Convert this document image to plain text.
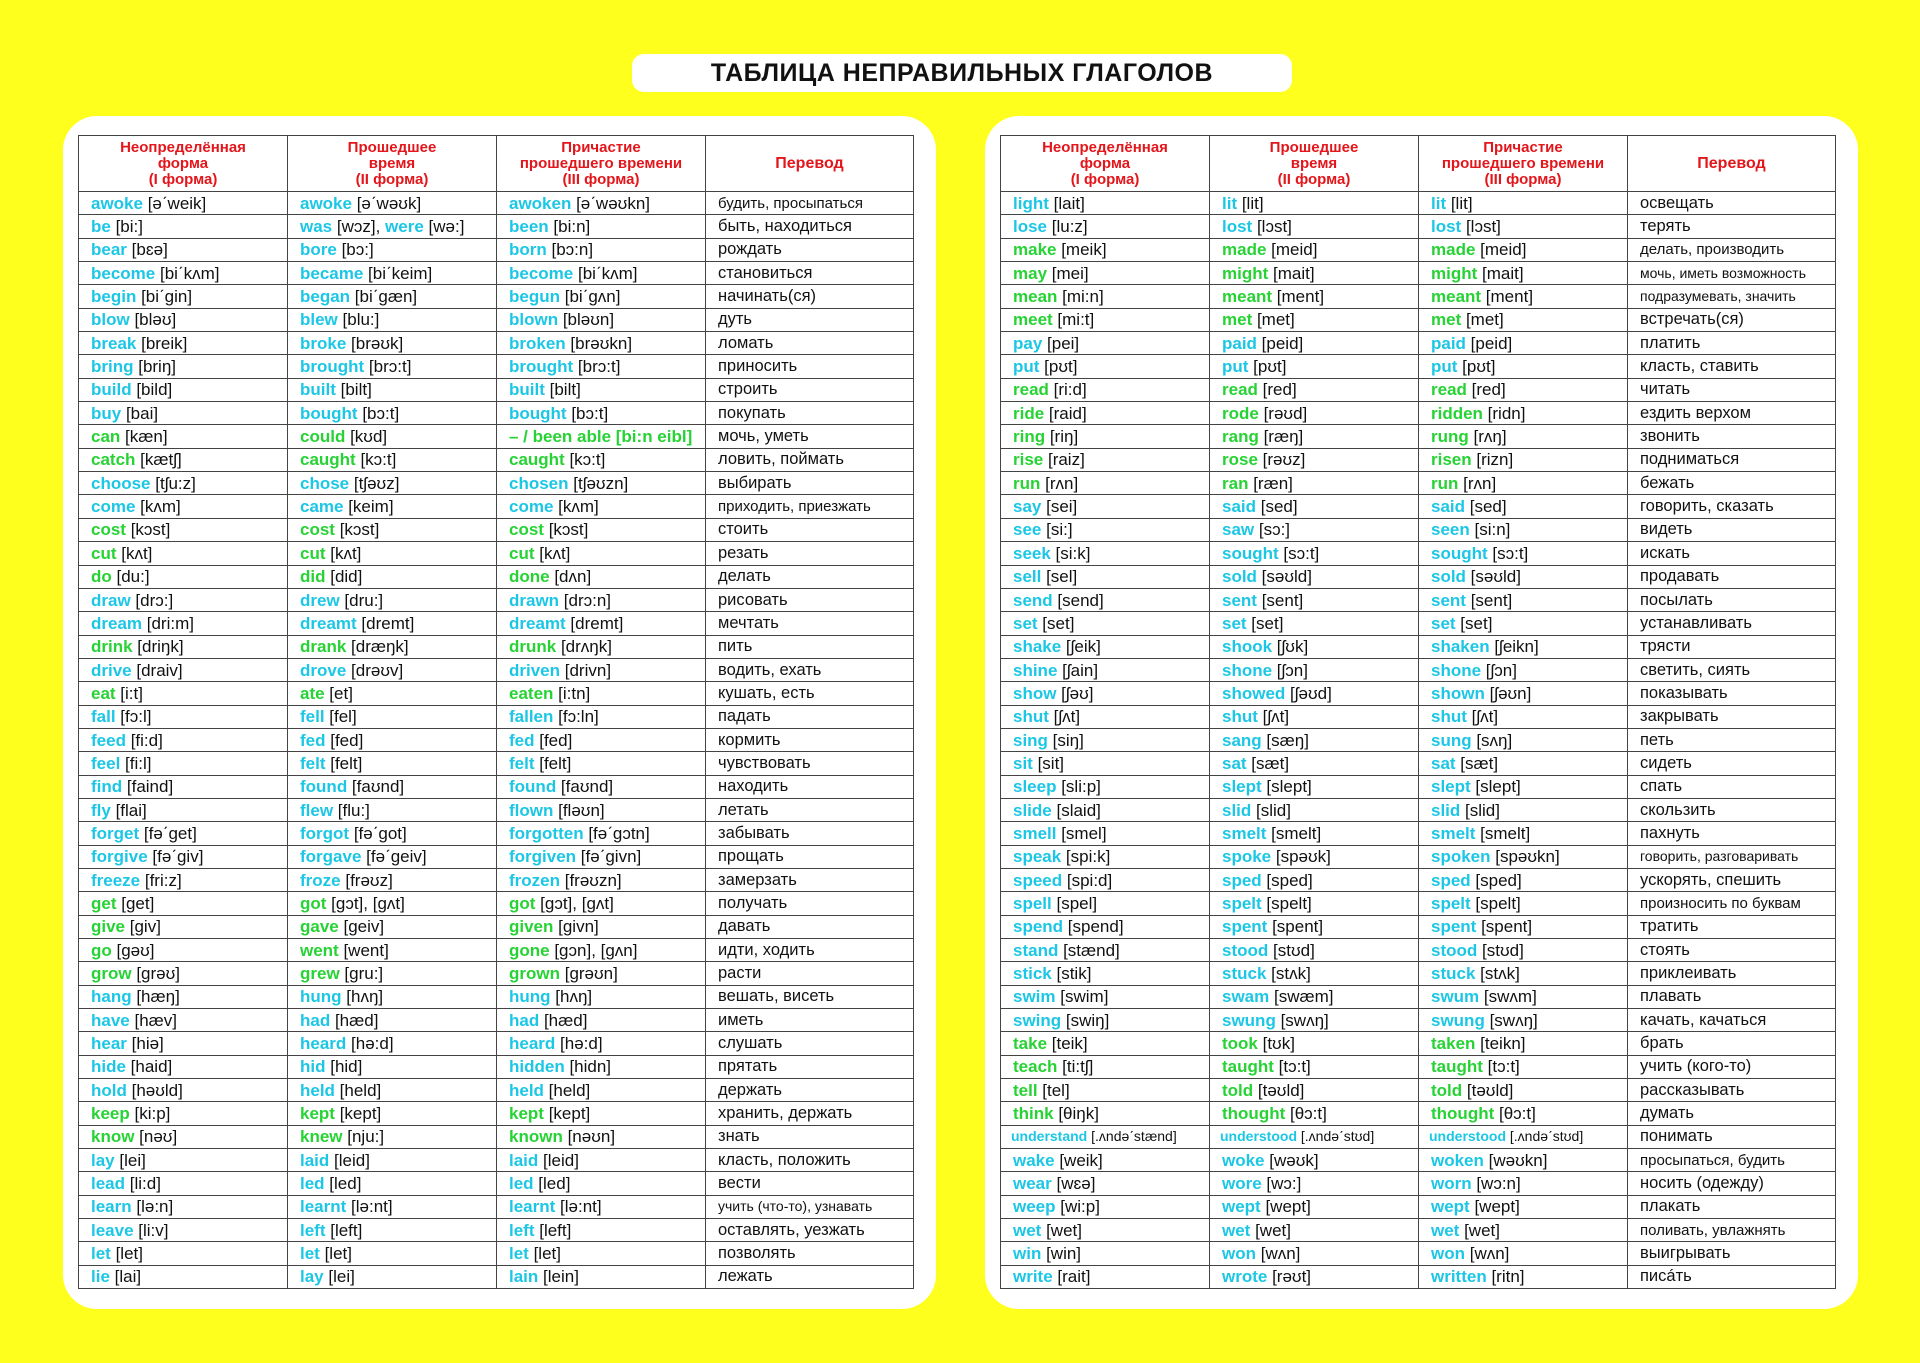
ТАБЛИЦА НЕПРАВИЛЬНЫХ ГЛАГОЛОВ
Неопределённая
форма
(I форма)	Прошедшее
время
(II форма)	Причастие
прошедшего времени
(III форма)	Перевод
awoke [əˊweik]	awoke [əˊwəʊk]	awoken [əˊwəʊkn]	будить, просыпаться
be [bi:]	was [wɔz], were [wə:]	been [bi:n]	быть, находиться
bear [bɛə]	bore [bɔ:]	born [bɔ:n]	рождать
become [biˊkʌm]	became [biˊkeim]	become [biˊkʌm]	становиться
begin [biˊgin]	began [biˊgæn]	begun [biˊgʌn]	начинать(ся)
blow [bləʊ]	blew [blu:]	blown [bləʊn]	дуть
break [breik]	broke [brəʊk]	broken [brəʊkn]	ломать
bring [briŋ]	brought [brɔ:t]	brought [brɔ:t]	приносить
build [bild]	built [bilt]	built [bilt]	строить
buy [bai]	bought [bɔ:t]	bought [bɔ:t]	покупать
can [kæn]	could [kʊd]	– / been able [bi:n eibl]	мочь, уметь
catch [kætʃ]	caught [kɔ:t]	caught [kɔ:t]	ловить, поймать
choose [tʃu:z]	chose [tʃəʊz]	chosen [tʃəʊzn]	выбирать
come [kʌm]	came [keim]	come [kʌm]	приходить, приезжать
cost [kɔst]	cost [kɔst]	cost [kɔst]	стоить
cut [kʌt]	cut [kʌt]	cut [kʌt]	резать
do [du:]	did [did]	done [dʌn]	делать
draw [drɔ:]	drew [dru:]	drawn [drɔ:n]	рисовать
dream [dri:m]	dreamt [dremt]	dreamt [dremt]	мечтать
drink [driŋk]	drank [dræŋk]	drunk [drʌŋk]	пить
drive [draiv]	drove [drəʊv]	driven [drivn]	водить, ехать
eat [i:t]	ate [et]	eaten [i:tn]	кушать, есть
fall [fɔ:l]	fell [fel]	fallen [fɔ:ln]	падать
feed [fi:d]	fed [fed]	fed [fed]	кормить
feel [fi:l]	felt [felt]	felt [felt]	чувствовать
find [faind]	found [faʊnd]	found [faʊnd]	находить
fly [flai]	flew [flu:]	flown [fləʊn]	летать
forget [fəˊget]	forgot [fəˊgot]	forgotten [fəˊgɔtn]	забывать
forgive [fəˊgiv]	forgave [fəˊgeiv]	forgiven [fəˊgivn]	прощать
freeze [fri:z]	froze [frəʊz]	frozen [frəʊzn]	замерзать
get [get]	got [gɔt], [gʌt]	got [gɔt], [gʌt]	получать
give [giv]	gave [geiv]	given [givn]	давать
go [gəʊ]	went [went]	gone [gɔn], [gʌn]	идти, ходить
grow [grəʊ]	grew [gru:]	grown [grəʊn]	расти
hang [hæŋ]	hung [hʌŋ]	hung [hʌŋ]	вешать, висеть
have [hæv]	had [hæd]	had [hæd]	иметь
hear [hiə]	heard [hə:d]	heard [hə:d]	слушать
hide [haid]	hid [hid]	hidden [hidn]	прятать
hold [həʊld]	held [held]	held [held]	держать
keep [ki:p]	kept [kept]	kept [kept]	хранить, держать
know [nəʊ]	knew [nju:]	known [nəʊn]	знать
lay [lei]	laid [leid]	laid [leid]	класть, положить
lead [li:d]	led [led]	led [led]	вести
learn [lə:n]	learnt [lə:nt]	learnt [lə:nt]	учить (что-то), узнавать
leave [li:v]	left [left]	left [left]	оставлять, уезжать
let [let]	let [let]	let [let]	позволять
lie [lai]	lay [lei]	lain [lein]	лежать
Неопределённая
форма
(I форма)	Прошедшее
время
(II форма)	Причастие
прошедшего времени
(III форма)	Перевод
light [lait]	lit [lit]	lit [lit]	освещать
lose [lu:z]	lost [lɔst]	lost [lɔst]	терять
make [meik]	made [meid]	made [meid]	делать, производить
may [mei]	might [mait]	might [mait]	мочь, иметь возможность
mean [mi:n]	meant [ment]	meant [ment]	подразумевать, значить
meet [mi:t]	met [met]	met [met]	встречать(ся)
pay [pei]	paid [peid]	paid [peid]	платить
put [pʊt]	put [pʊt]	put [pʊt]	класть, ставить
read [ri:d]	read [red]	read [red]	читать
ride [raid]	rode [rəʊd]	ridden [ridn]	ездить верхом
ring [riŋ]	rang [ræŋ]	rung [rʌŋ]	звонить
rise [raiz]	rose [rəʊz]	risen [rizn]	подниматься
run [rʌn]	ran [ræn]	run [rʌn]	бежать
say [sei]	said [sed]	said [sed]	говорить, сказать
see [si:]	saw [sɔ:]	seen [si:n]	видеть
seek [si:k]	sought [sɔ:t]	sought [sɔ:t]	искать
sell [sel]	sold [səʊld]	sold [səʊld]	продавать
send [send]	sent [sent]	sent [sent]	посылать
set [set]	set [set]	set [set]	устанавливать
shake [ʃeik]	shook [ʃʊk]	shaken [ʃeikn]	трясти
shine [ʃain]	shone [ʃɔn]	shone [ʃɔn]	светить, сиять
show [ʃəʊ]	showed [ʃəʊd]	shown [ʃəʊn]	показывать
shut [ʃʌt]	shut [ʃʌt]	shut [ʃʌt]	закрывать
sing [siŋ]	sang [sæŋ]	sung [sʌŋ]	петь
sit [sit]	sat [sæt]	sat [sæt]	сидеть
sleep [sli:p]	slept [slept]	slept [slept]	спать
slide [slaid]	slid [slid]	slid [slid]	скользить
smell [smel]	smelt [smelt]	smelt [smelt]	пахнуть
speak [spi:k]	spoke [spəʊk]	spoken [spəʊkn]	говорить, разговаривать
speed [spi:d]	sped [sped]	sped [sped]	ускорять, спешить
spell [spel]	spelt [spelt]	spelt [spelt]	произносить по буквам
spend [spend]	spent [spent]	spent [spent]	тратить
stand [stænd]	stood [stʊd]	stood [stʊd]	стоять
stick [stik]	stuck [stʌk]	stuck [stʌk]	приклеивать
swim [swim]	swam [swæm]	swum [swʌm]	плавать
swing [swiŋ]	swung [swʌŋ]	swung [swʌŋ]	качать, качаться
take [teik]	took [tʊk]	taken [teikn]	брать
teach [ti:tʃ]	taught [tɔ:t]	taught [tɔ:t]	учить (кого-то)
tell [tel]	told [təʊld]	told [təʊld]	рассказывать
think [θiŋk]	thought [θɔ:t]	thought [θɔ:t]	думать
understand [.ʌndəˊstænd]	understood [.ʌndəˊstʊd]	understood [.ʌndəˊstʊd]	понимать
wake [weik]	woke [wəʊk]	woken [wəʊkn]	просыпаться, будить
wear [wɛə]	wore [wɔ:]	worn [wɔ:n]	носить (одежду)
weep [wi:p]	wept [wept]	wept [wept]	плакать
wet [wet]	wet [wet]	wet [wet]	поливать, увлажнять
win [win]	won [wʌn]	won [wʌn]	выигрывать
write [rait]	wrote [rəʊt]	written [ritn]	писáть
